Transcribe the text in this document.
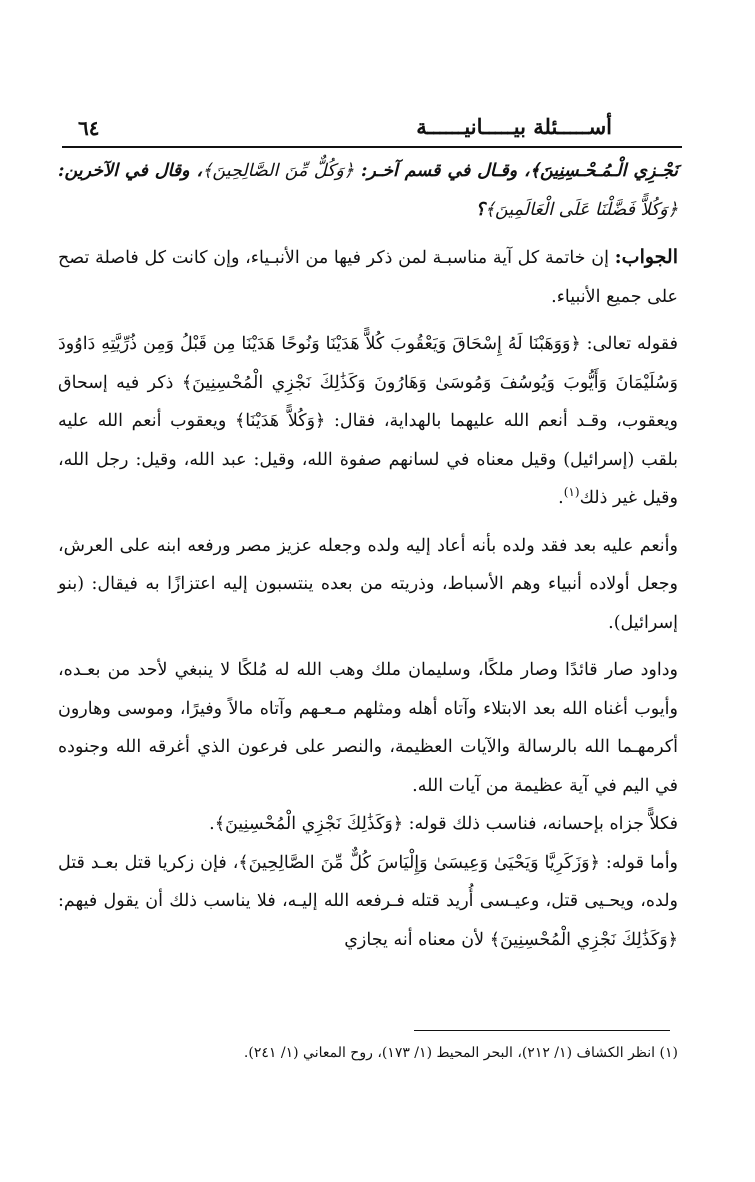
أســـــئلة بيـــــانيــــــة
٦٤

نَجْـزِي الْـمُـحْـسِنِينَ﴾، وقـال في قسم آخـر: ﴿وَكُلٌّ مِّنَ الصَّالِحِينَ﴾، وقال في الآخرين: ﴿وَكُلاًّ فَضَّلْنَا عَلَى الْعَالَمِينَ﴾؟

الجواب: إن خاتمة كل آية مناسبـة لمن ذكر فيها من الأنبـياء، وإن كانت كل فاصلة تصح على جميع الأنبياء.

فقوله تعالى: ﴿وَوَهَبْنَا لَهُ إِسْحَاقَ وَيَعْقُوبَ كُلاًّ هَدَيْنَا وَنُوحًا هَدَيْنَا مِن قَبْلُ وَمِن ذُرِّيَّتِهِ دَاوُودَ وَسُلَيْمَانَ وَأَيُّوبَ وَيُوسُفَ وَمُوسَىٰ وَهَارُونَ وَكَذَٰلِكَ نَجْزِي الْمُحْسِنِينَ﴾ ذكر فيه إسحاق ويعقوب، وقـد أنعم الله عليهما بالهداية، فقال: ﴿وَكُلاًّ هَدَيْنَا﴾ ويعقوب أنعم الله عليه بلقب (إسرائيل) وقيل معناه في لسانهم صفوة الله، وقيل: عبد الله، وقيل: رجل الله، وقيل غير ذلك$^{(١)}$.

وأنعم عليه بعد فقد ولده بأنه أعاد إليه ولده وجعله عزيز مصر ورفعه ابنه على العرش، وجعل أولاده أنبياء وهم الأسباط، وذريته من بعده ينتسبون إليه اعتزازًا به فيقال: (بنو إسرائيل).

وداود صار قائدًا وصار ملكًا، وسليمان ملك وهب الله له مُلكًا لا ينبغي لأحد من بعـده، وأيوب أغناه الله بعد الابتلاء وآتاه أهله ومثلهم مـعـهم وآتاه مالاً وفيرًا، وموسى وهارون أكرمهـما الله بالرسالة والآيات العظيمة، والنصر على فرعون الذي أغرقه الله وجنوده في اليم في آية عظيمة من آيات الله.

فكلاًّ جزاه بإحسانه، فناسب ذلك قوله: ﴿وَكَذَٰلِكَ نَجْزِي الْمُحْسِنِينَ﴾.

وأما قوله: ﴿وَزَكَرِيَّا وَيَحْيَىٰ وَعِيسَىٰ وَإِلْيَاسَ كُلٌّ مِّنَ الصَّالِحِينَ﴾، فإن زكريا قتل بعـد قتل ولده، ويحـيى قتل، وعيـسى أُريد قتله فـرفعه الله إليـه، فلا يناسب ذلك أن يقول فيهم: ﴿وَكَذَٰلِكَ نَجْزِي الْمُحْسِنِينَ﴾ لأن معناه أنه يجازي

(١) انظر الكشاف (١/ ٢١٢)، البحر المحيط (١/ ١٧٣)، روح المعاني (١/ ٢٤١).
